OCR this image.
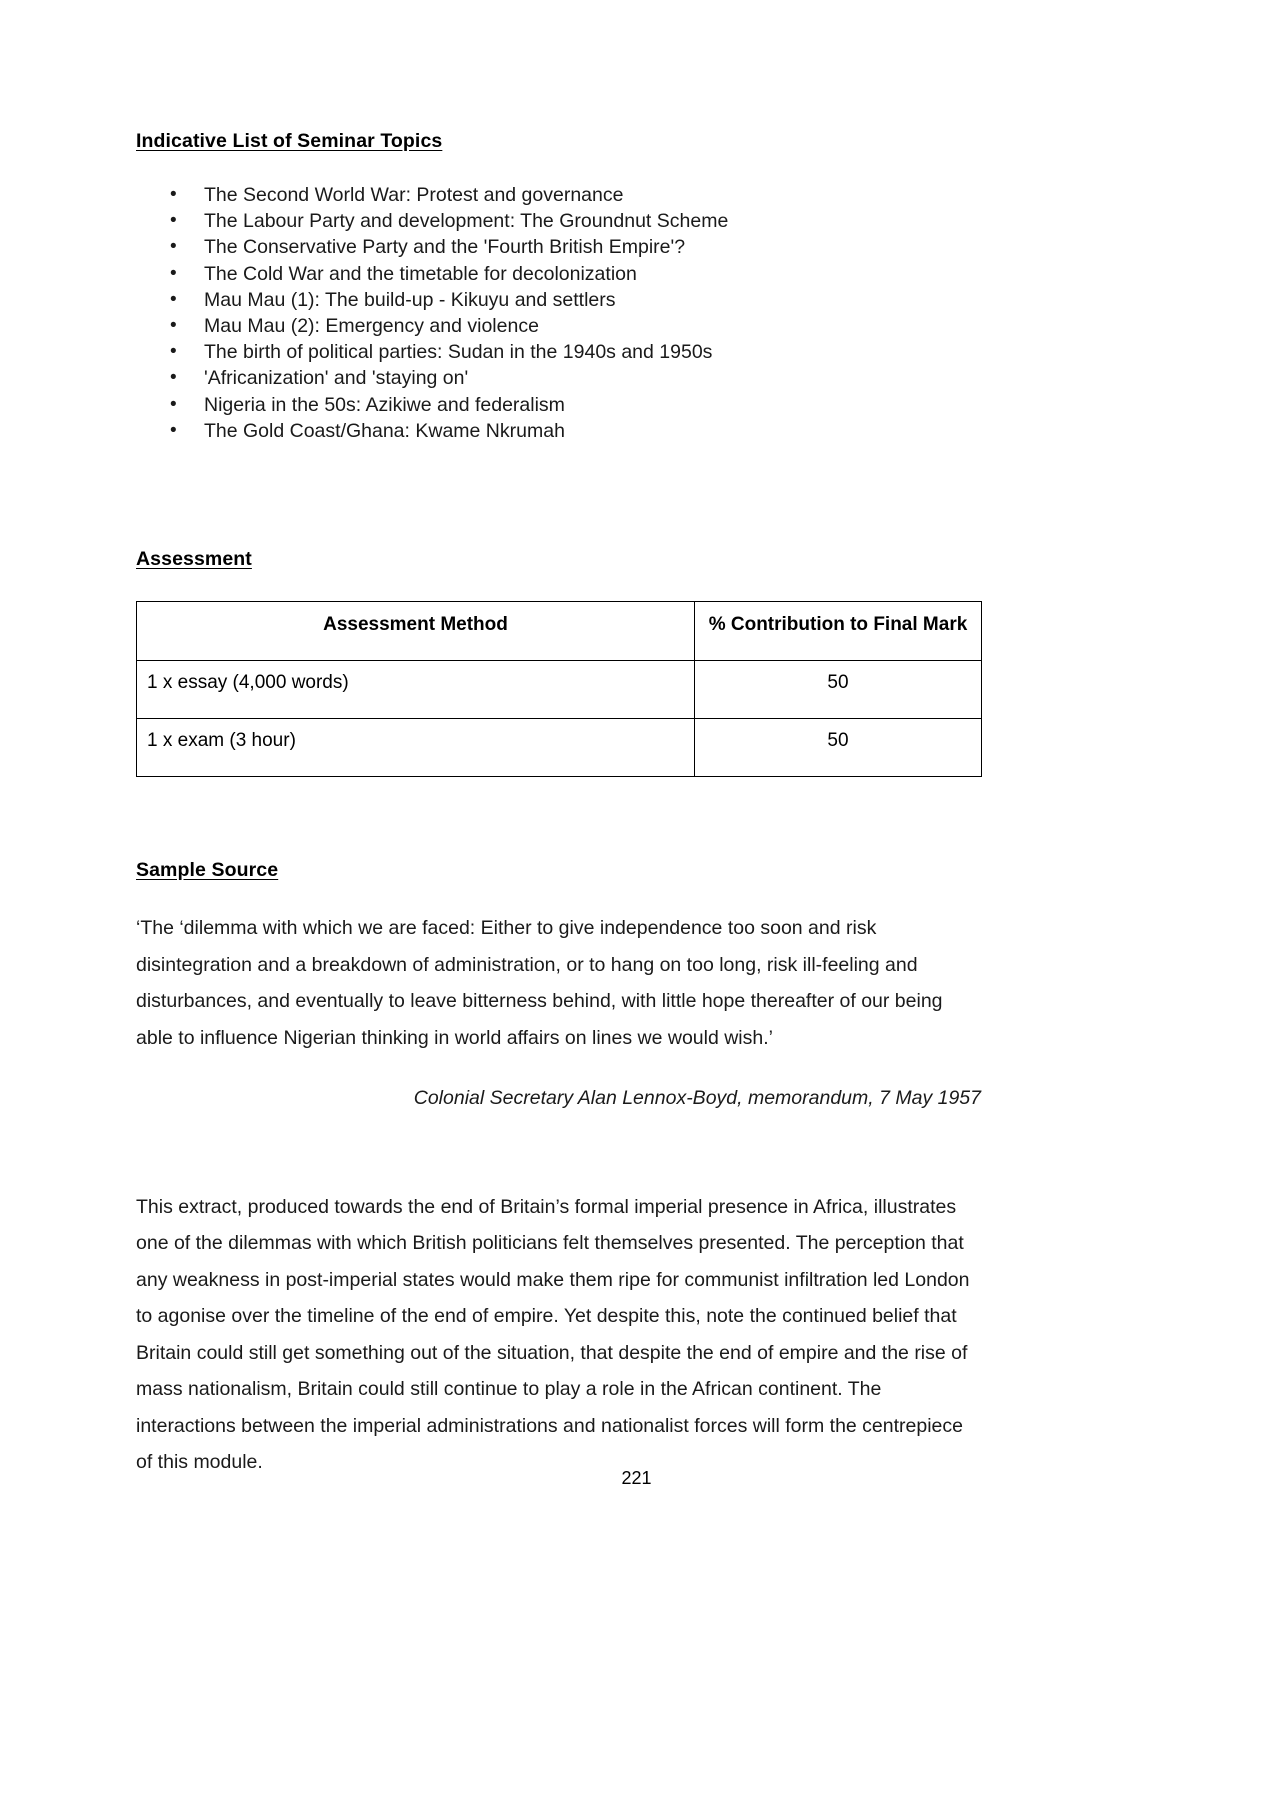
Indicative List of Seminar Topics
• The Second World War: Protest and governance
• The Labour Party and development: The Groundnut Scheme
• The Conservative Party and the 'Fourth British Empire'?
• The Cold War and the timetable for decolonization
• Mau Mau (1): The build-up - Kikuyu and settlers
• Mau Mau (2): Emergency and violence
• The birth of political parties: Sudan in the 1940s and 1950s
• 'Africanization' and 'staying on'
• Nigeria in the 50s: Azikiwe and federalism
• The Gold Coast/Ghana: Kwame Nkrumah
Assessment
Assessment Method	% Contribution to Final Mark
1 x essay (4,000 words)	50
1 x exam (3 hour)	50
Sample Source

‘The ‘dilemma with which we are faced: Either to give independence too soon and risk disintegration and a breakdown of administration, or to hang on too long, risk ill-feeling and disturbances, and eventually to leave bitterness behind, with little hope thereafter of our being able to influence Nigerian thinking in world affairs on lines we would wish.’

Colonial Secretary Alan Lennox-Boyd, memorandum, 7 May 1957

This extract, produced towards the end of Britain’s formal imperial presence in Africa, illustrates one of the dilemmas with which British politicians felt themselves presented. The perception that any weakness in post-imperial states would make them ripe for communist infiltration led London to agonise over the timeline of the end of empire. Yet despite this, note the continued belief that Britain could still get something out of the situation, that despite the end of empire and the rise of mass nationalism, Britain could still continue to play a role in the African continent. The interactions between the imperial administrations and nationalist forces will form the centrepiece of this module.

221
